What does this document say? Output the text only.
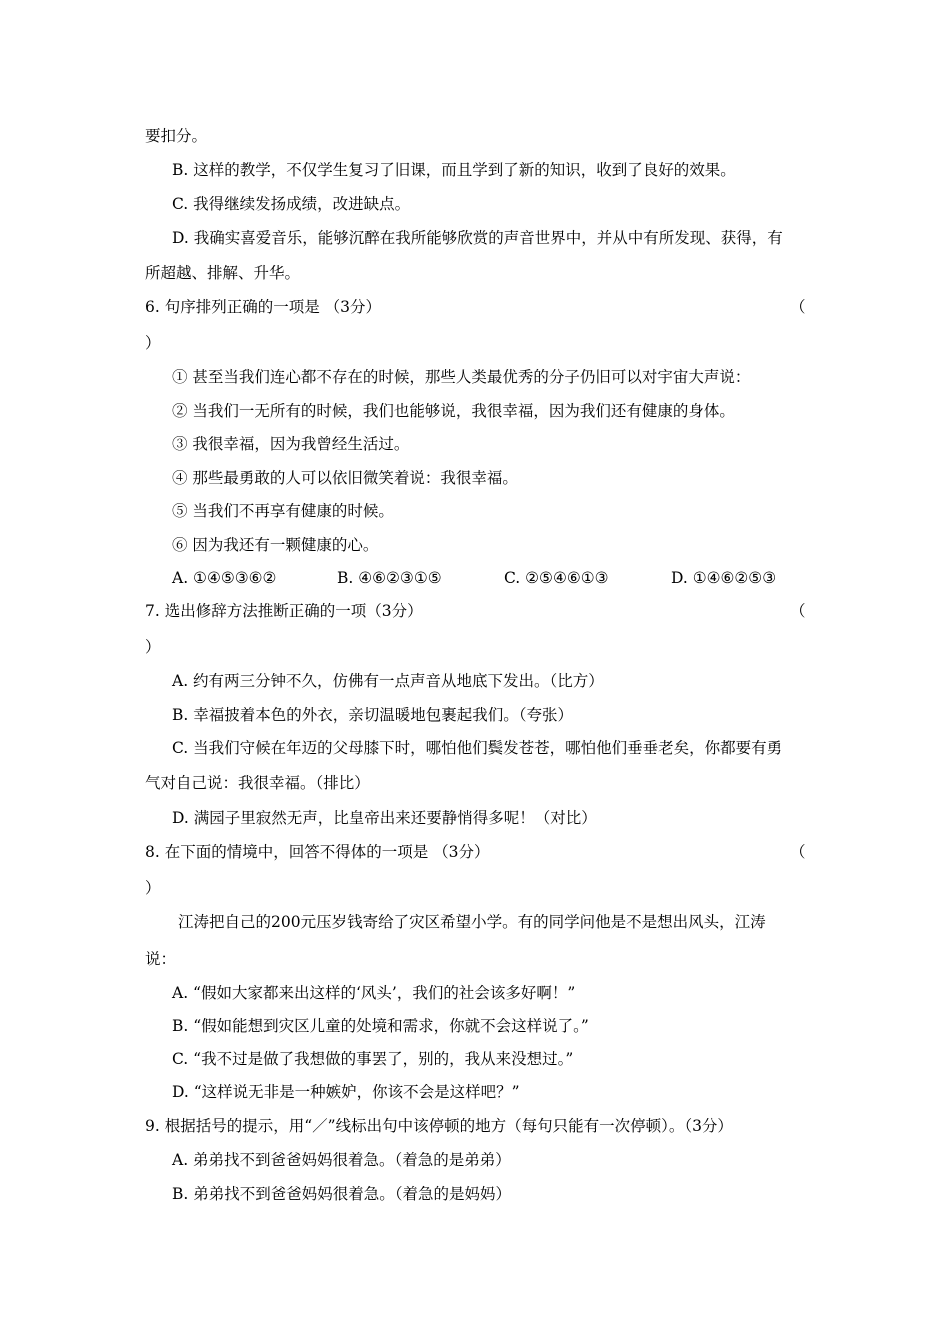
要扣分。
B. 这样的教学，不仅学生复习了旧课，而且学到了新的知识，收到了良好的效果。
C. 我得继续发扬成绩，改进缺点。
D. 我确实喜爱音乐，能够沉醉在我所能够欣赏的声音世界中，并从中有所发现、获得，有
所超越、排解、升华。
6. 句序排列正确的一项是 （3分）	（
）
① 甚至当我们连心都不存在的时候，那些人类最优秀的分子仍旧可以对宇宙大声说：
② 当我们一无所有的时候，我们也能够说，我很幸福，因为我们还有健康的身体。
③ 我很幸福，因为我曾经生活过。
④ 那些最勇敢的人可以依旧微笑着说：我很幸福。
⑤ 当我们不再享有健康的时候。
⑥ 因为我还有一颗健康的心。
A. ①④⑤③⑥②	B. ④⑥②③①⑤	C. ②⑤④⑥①③	D. ①④⑥②⑤③
7. 选出修辞方法推断正确的一项（3分）	（
）
A. 约有两三分钟不久，仿佛有一点声音从地底下发出。（比方）
B. 幸福披着本色的外衣，亲切温暖地包裹起我们。（夸张）
C. 当我们守候在年迈的父母膝下时，哪怕他们鬓发苍苍，哪怕他们垂垂老矣，你都要有勇
气对自己说：我很幸福。（排比）
D. 满园子里寂然无声，比皇帝出来还要静悄得多呢！（对比）
8. 在下面的情境中，回答不得体的一项是 （3分）	（
）
江涛把自己的200元压岁钱寄给了灾区希望小学。有的同学问他是不是想出风头，江涛
说：
A. “假如大家都来出这样的‘风头’，我们的社会该多好啊！”
B. “假如能想到灾区儿童的处境和需求，你就不会这样说了。”
C. “我不过是做了我想做的事罢了，别的，我从来没想过。”
D. “这样说无非是一种嫉妒，你该不会是这样吧？”
9. 根据括号的提示，用“／”线标出句中该停顿的地方（每句只能有一次停顿）。（3分）
A. 弟弟找不到爸爸妈妈很着急。（着急的是弟弟）
B. 弟弟找不到爸爸妈妈很着急。（着急的是妈妈）
